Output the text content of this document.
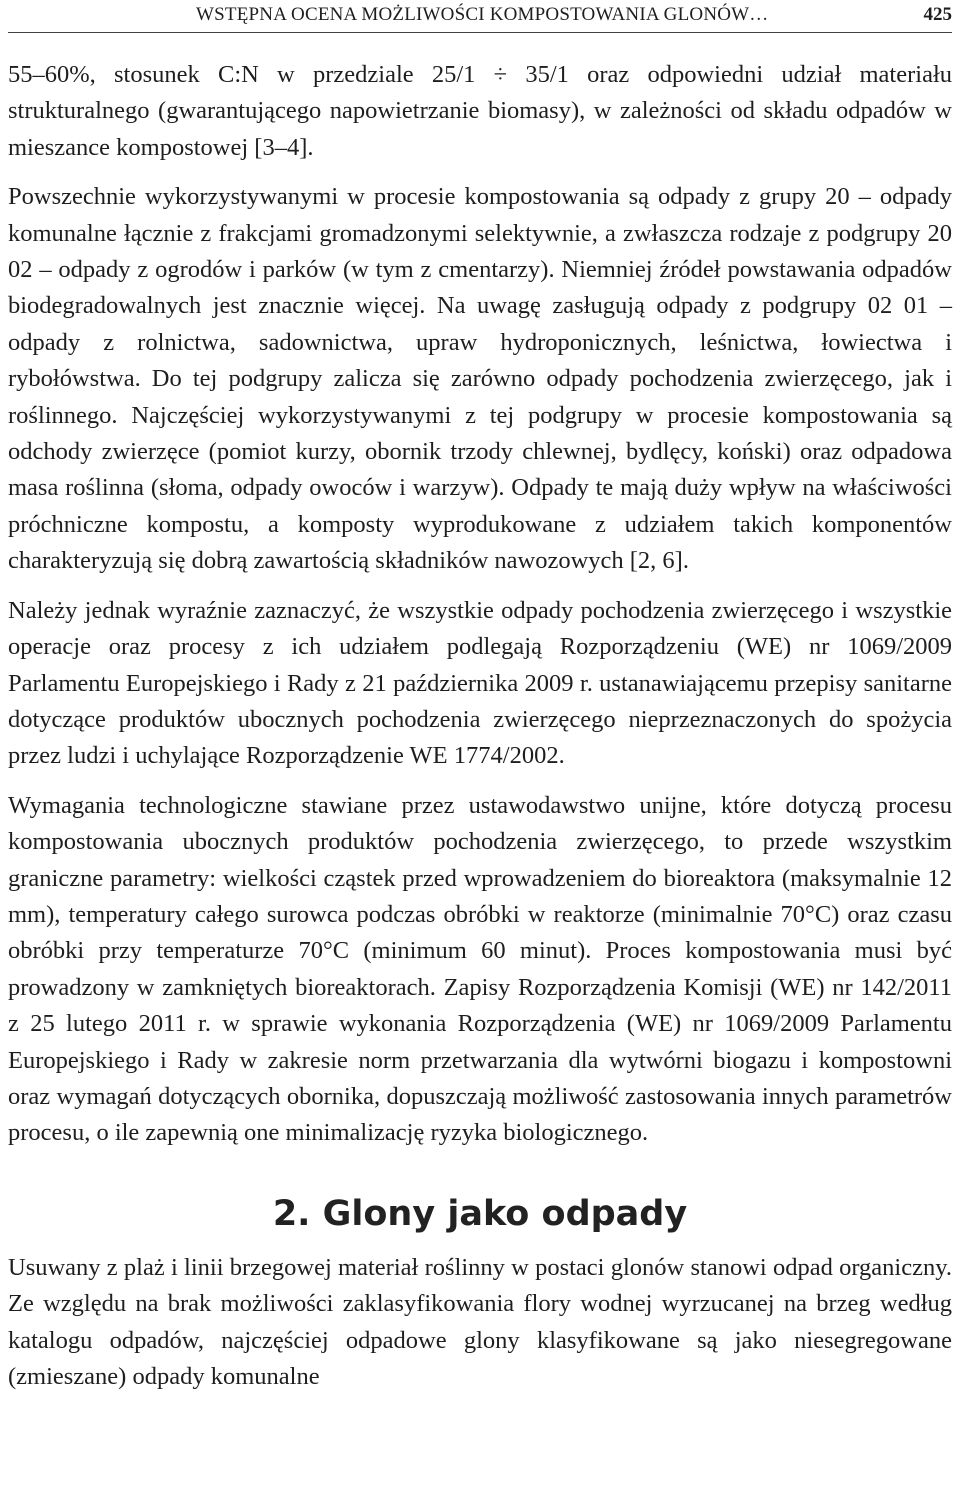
WSTĘPNA OCENA MOŻLIWOŚCI KOMPOSTOWANIA GLONÓW…	425

55–60%, stosunek C:N w przedziale 25/1 ÷ 35/1 oraz odpowiedni udział materiału strukturalnego (gwarantującego napowietrzanie biomasy), w zależności od składu odpadów w mieszance kompostowej [3–4].

Powszechnie wykorzystywanymi w procesie kompostowania są odpady z grupy 20 – odpady komunalne łącznie z frakcjami gromadzonymi selektywnie, a zwłaszcza rodzaje z podgrupy 20 02 – odpady z ogrodów i parków (w tym z cmentarzy). Niemniej źródeł powstawania odpadów biodegradowalnych jest znacznie więcej. Na uwagę zasługują odpady z podgrupy 02 01 – odpady z rolnictwa, sadownictwa, upraw hydroponicznych, leśnictwa, łowiectwa i rybołówstwa. Do tej podgrupy zalicza się zarówno odpady pochodzenia zwierzęcego, jak i roślinnego. Najczęściej wykorzystywanymi z tej podgrupy w procesie kompostowania są odchody zwierzęce (pomiot kurzy, obornik trzody chlewnej, bydlęcy, koński) oraz odpadowa masa roślinna (słoma, odpady owoców i warzyw). Odpady te mają duży wpływ na właściwości próchniczne kompostu, a komposty wyprodukowane z udziałem takich komponentów charakteryzują się dobrą zawartością składników nawozowych [2, 6].

Należy jednak wyraźnie zaznaczyć, że wszystkie odpady pochodzenia zwierzęcego i wszystkie operacje oraz procesy z ich udziałem podlegają Rozporządzeniu (WE) nr 1069/2009 Parlamentu Europejskiego i Rady z 21 października 2009 r. ustanawiającemu przepisy sanitarne dotyczące produktów ubocznych pochodzenia zwierzęcego nieprzeznaczonych do spożycia przez ludzi i uchylające Rozporządzenie WE 1774/2002.

Wymagania technologiczne stawiane przez ustawodawstwo unijne, które dotyczą procesu kompostowania ubocznych produktów pochodzenia zwierzęcego, to przede wszystkim graniczne parametry: wielkości cząstek przed wprowadzeniem do bioreaktora (maksymalnie 12 mm), temperatury całego surowca podczas obróbki w reaktorze (minimalnie 70°C) oraz czasu obróbki przy temperaturze 70°C (minimum 60 minut). Proces kompostowania musi być prowadzony w zamkniętych bioreaktorach. Zapisy Rozporządzenia Komisji (WE) nr 142/2011 z 25 lutego 2011 r. w sprawie wykonania Rozporządzenia (WE) nr 1069/2009 Parlamentu Europejskiego i Rady w zakresie norm przetwarzania dla wytwórni biogazu i kompostowni oraz wymagań dotyczących obornika, dopuszczają możliwość zastosowania innych parametrów procesu, o ile zapewnią one minimalizację ryzyka biologicznego.

2. Glony jako odpady

Usuwany z plaż i linii brzegowej materiał roślinny w postaci glonów stanowi odpad organiczny. Ze względu na brak możliwości zaklasyfikowania flory wodnej wyrzucanej na brzeg według katalogu odpadów, najczęściej odpadowe glony klasyfikowane są jako niesegregowane (zmieszane) odpady komunalne
